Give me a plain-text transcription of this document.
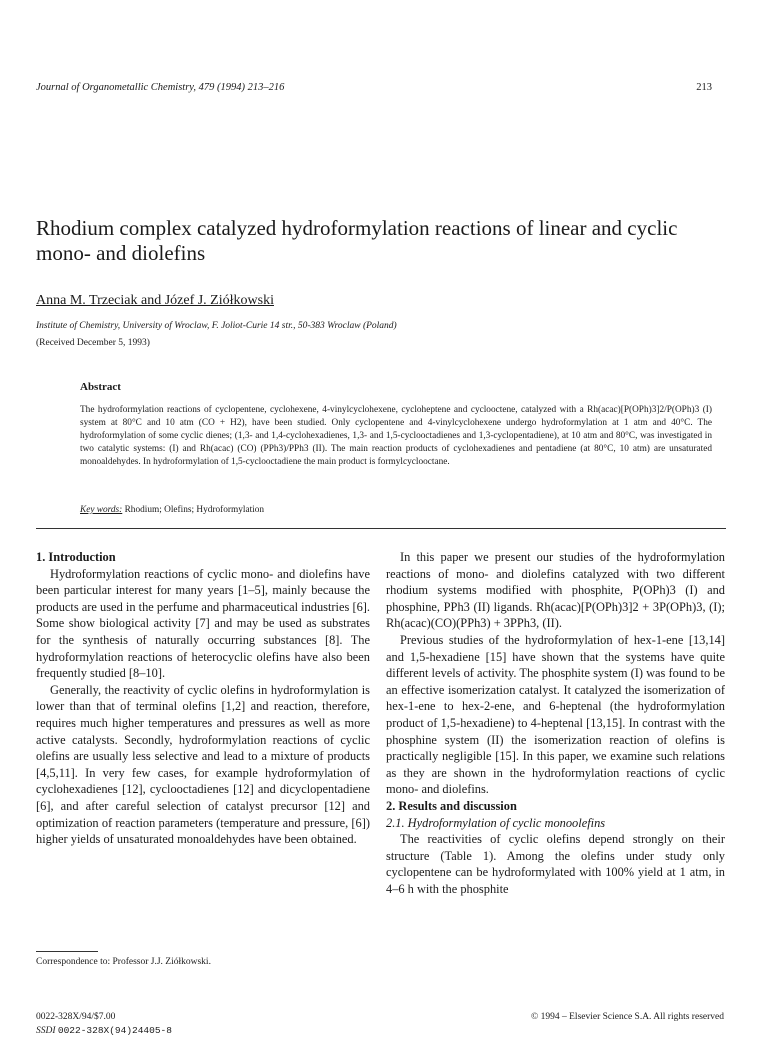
Journal of Organometallic Chemistry, 479 (1994) 213–216	213
Rhodium complex catalyzed hydroformylation reactions of linear and cyclic mono- and diolefins
Anna M. Trzeciak and Józef J. Ziółkowski
Institute of Chemistry, University of Wroclaw, F. Joliot-Curie 14 str., 50-383 Wroclaw (Poland)
(Received December 5, 1993)
Abstract
The hydroformylation reactions of cyclopentene, cyclohexene, 4-vinylcyclohexene, cycloheptene and cyclooctene, catalyzed with a Rh(acac)[P(OPh)3]2/P(OPh)3 (I) system at 80°C and 10 atm (CO + H2), have been studied. Only cyclopentene and 4-vinylcyclohexene undergo hydroformylation at 1 atm and 40°C. The hydroformylation of some cyclic dienes; (1,3- and 1,4-cyclohexadienes, 1,3- and 1,5-cyclooctadienes and 1,3-cyclopentadiene), at 10 atm and 80°C, was investigated in two catalytic systems: (I) and Rh(acac) (CO) (PPh3)/PPh3 (II). The main reaction products of cyclohexadienes and pentadiene (at 80°C, 10 atm) are unsaturated monoaldehydes. In hydroformylation of 1,5-cyclooctadiene the main product is formylcyclooctane.
Key words: Rhodium; Olefins; Hydroformylation

1. Introduction

Hydroformylation reactions of cyclic mono- and diolefins have been particular interest for many years [1–5], mainly because the products are used in the perfume and pharmaceutical industries [6]. Some show biological activity [7] and may be used as substrates for the synthesis of naturally occurring substances [8]. The hydroformylation reactions of heterocyclic olefins have also been frequently studied [8–10].

Generally, the reactivity of cyclic olefins in hydroformylation is lower than that of terminal olefins [1,2] and reaction, therefore, requires much higher temperatures and pressures as well as more active catalysts. Secondly, hydroformylation reactions of cyclic olefins are usually less selective and lead to a mixture of products [4,5,11]. In very few cases, for example hydroformylation of cyclohexadienes [12], cyclooctadienes [12] and dicyclopentadiene [6], and after careful selection of catalyst precursor [12] and optimization of reaction parameters (temperature and pressure, [6]) higher yields of unsaturated monoaldehydes have been obtained.

In this paper we present our studies of the hydroformylation reactions of mono- and diolefins catalyzed with two different rhodium systems modified with phosphite, P(OPh)3 (I) and phosphine, PPh3 (II) ligands. Rh(acac)[P(OPh)3]2 + 3P(OPh)3, (I); Rh(acac)(CO)(PPh3) + 3PPh3, (II).

Previous studies of the hydroformylation of hex-1-ene [13,14] and 1,5-hexadiene [15] have shown that the systems have quite different levels of activity. The phosphite system (I) was found to be an effective isomerization catalyst. It catalyzed the isomerization of hex-1-ene to hex-2-ene, and 6-heptenal (the hydroformylation product of 1,5-hexadiene) to 4-heptenal [13,15]. In contrast with the phosphine system (II) the isomerization reaction of olefins is practically negligible [15]. In this paper, we examine such relations as they are shown in the hydroformylation reactions of cyclic mono- and diolefins.

2. Results and discussion

2.1. Hydroformylation of cyclic monoolefins

The reactivities of cyclic olefins depend strongly on their structure (Table 1). Among the olefins under study only cyclopentene can be hydroformylated with 100% yield at 1 atm, in 4–6 h with the phosphite

Correspondence to: Professor J.J. Ziółkowski.
0022-328X/94/$7.00
SSDI 0022-328X(94)24405-8
© 1994 – Elsevier Science S.A. All rights reserved
